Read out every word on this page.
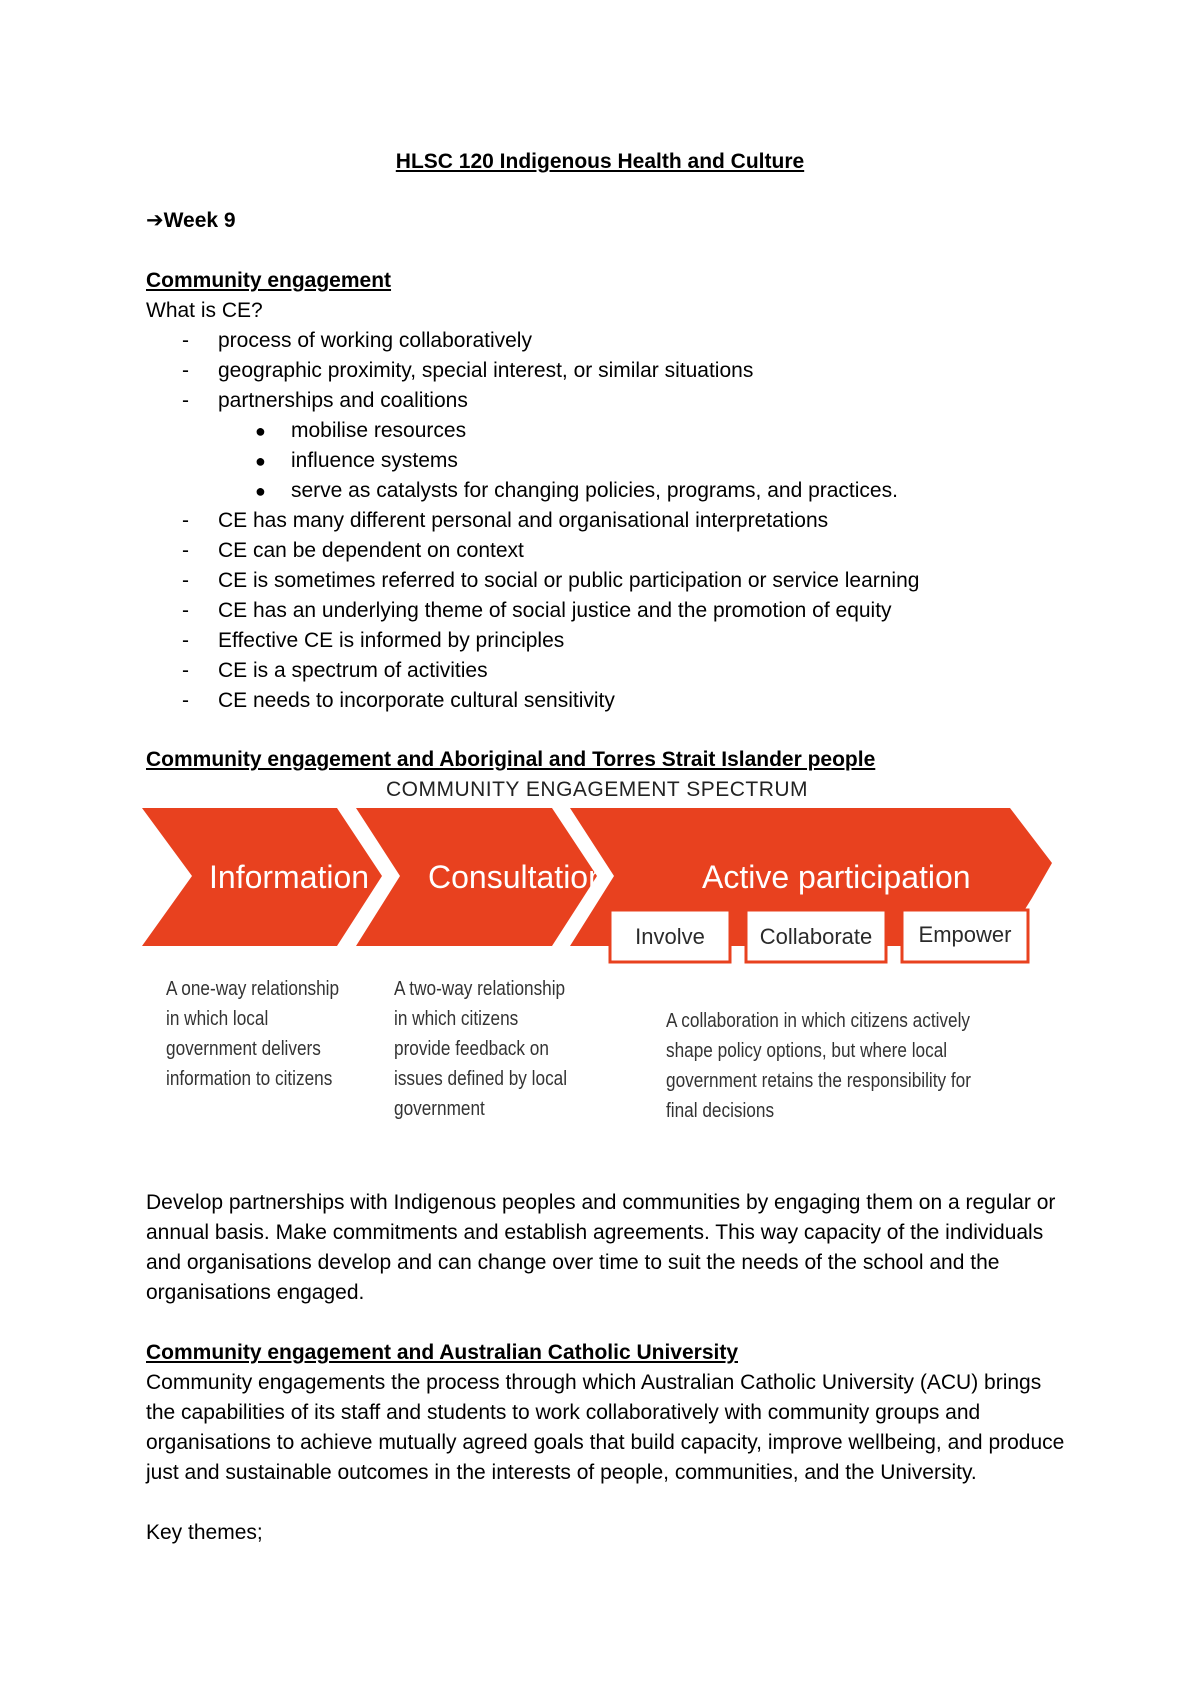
HLSC 120 Indigenous Health and Culture
➔Week 9
Community engagement
What is CE?
- process of working collaboratively
- geographic proximity, special interest, or similar situations
- partnerships and coalitions
● mobilise resources
● influence systems
● serve as catalysts for changing policies, programs, and practices.
- CE has many different personal and organisational interpretations
- CE can be dependent on context
- CE is sometimes referred to social or public participation or service learning
- CE has an underlying theme of social justice and the promotion of equity
- Effective CE is informed by principles
- CE is a spectrum of activities
- CE needs to incorporate cultural sensitivity
Community engagement and Aboriginal and Torres Strait Islander people
COMMUNITY ENGAGEMENT SPECTRUM
Information Consultation	Active participation
Involve Collaborate Empower
A one-way relationship in which local government delivers information to citizens
A two-way relationship in which citizens provide feedback on issues defined by local government
A collaboration in which citizens actively shape policy options, but where local government retains the responsibility for final decisions
Develop partnerships with Indigenous peoples and communities by engaging them on a regular or annual basis. Make commitments and establish agreements. This way capacity of the individuals and organisations develop and can change over time to suit the needs of the school and the organisations engaged.
Community engagement and Australian Catholic University
Community engagements the process through which Australian Catholic University (ACU) brings the capabilities of its staff and students to work collaboratively with community groups and organisations to achieve mutually agreed goals that build capacity, improve wellbeing, and produce just and sustainable outcomes in the interests of people, communities, and the University.
Key themes;
